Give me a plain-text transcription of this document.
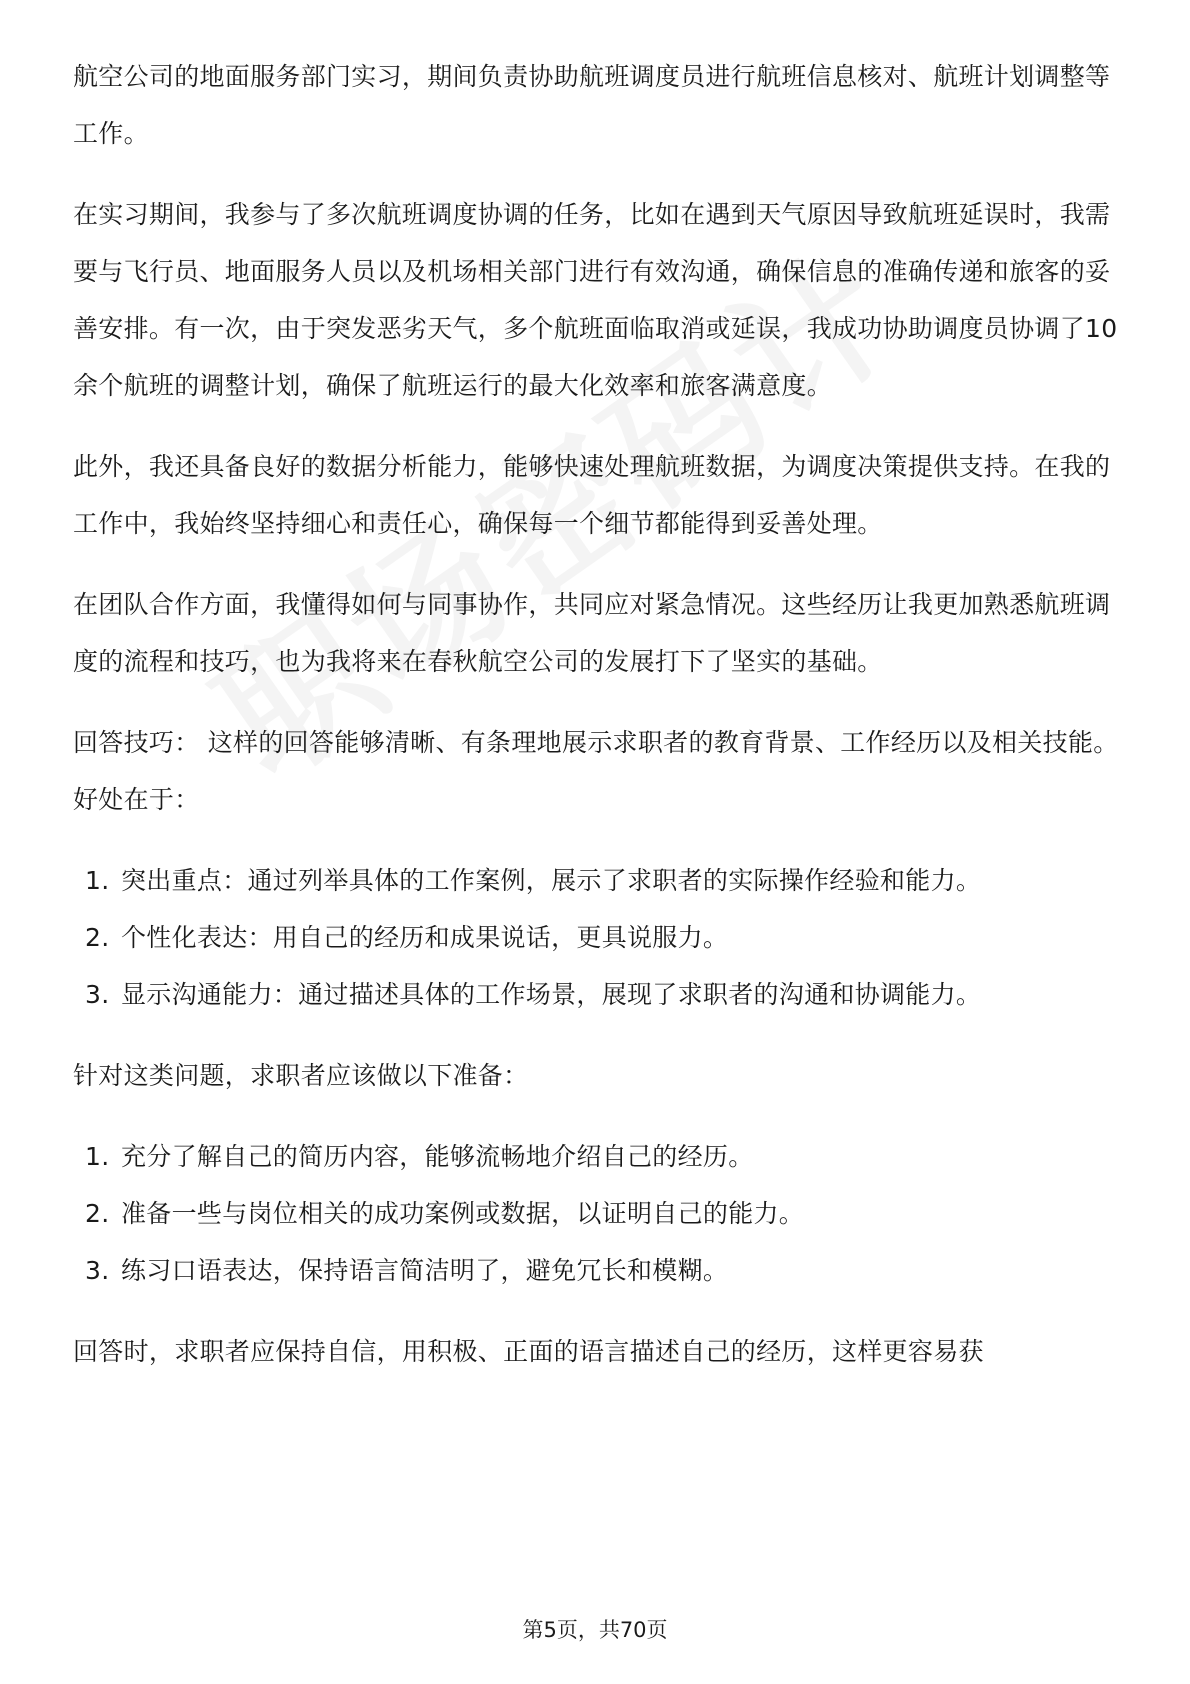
航空公司的地面服务部门实习，期间负责协助航班调度员进行航班信息核对、航班计划调整等工作。

在实习期间，我参与了多次航班调度协调的任务，比如在遇到天气原因导致航班延误时，我需要与飞行员、地面服务人员以及机场相关部门进行有效沟通，确保信息的准确传递和旅客的妥善安排。有一次，由于突发恶劣天气，多个航班面临取消或延误，我成功协助调度员协调了10余个航班的调整计划，确保了航班运行的最大化效率和旅客满意度。

此外，我还具备良好的数据分析能力，能够快速处理航班数据，为调度决策提供支持。在我的工作中，我始终坚持细心和责任心，确保每一个细节都能得到妥善处理。

在团队合作方面，我懂得如何与同事协作，共同应对紧急情况。这些经历让我更加熟悉航班调度的流程和技巧，也为我将来在春秋航空公司的发展打下了坚实的基础。

回答技巧： 这样的回答能够清晰、有条理地展示求职者的教育背景、工作经历以及相关技能。好处在于：

1. 突出重点：通过列举具体的工作案例，展示了求职者的实际操作经验和能力。
2. 个性化表达：用自己的经历和成果说话，更具说服力。
3. 显示沟通能力：通过描述具体的工作场景，展现了求职者的沟通和协调能力。

针对这类问题，求职者应该做以下准备：

1. 充分了解自己的简历内容，能够流畅地介绍自己的经历。
2. 准备一些与岗位相关的成功案例或数据，以证明自己的能力。
3. 练习口语表达，保持语言简洁明了，避免冗长和模糊。

回答时，求职者应保持自信，用积极、正面的语言描述自己的经历，这样更容易获

第5页，共70页
